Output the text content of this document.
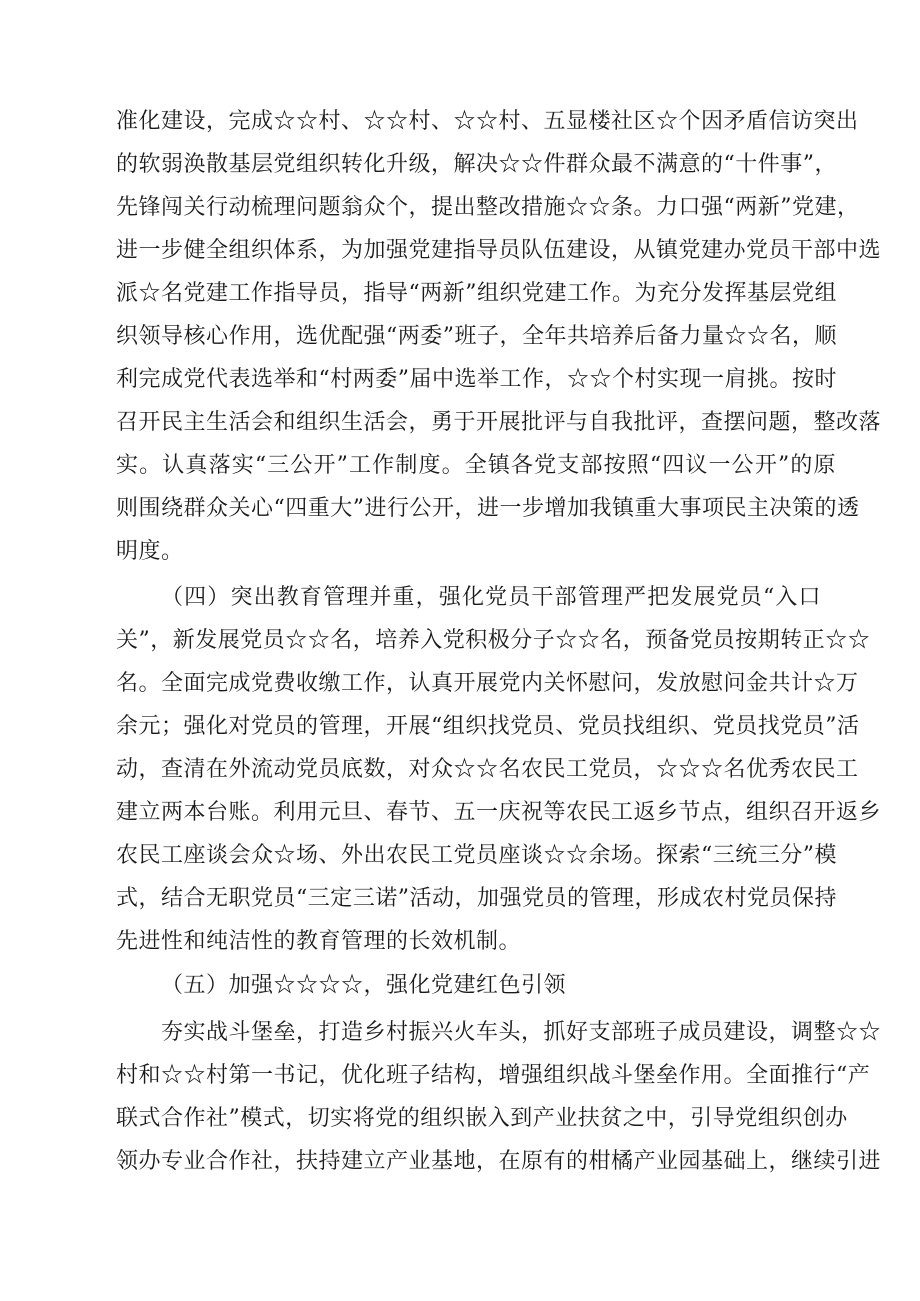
准化建设，完成☆☆村、☆☆村、☆☆村、五显楼社区☆个因矛盾信访突出
的软弱涣散基层党组织转化升级，解决☆☆件群众最不满意的“十件事”，
先锋闯关行动梳理问题翁众个，提出整改措施☆☆条。力口强“两新”党建，
进一步健全组织体系，为加强党建指导员队伍建设，从镇党建办党员干部中选
派☆名党建工作指导员，指导“两新”组织党建工作。为充分发挥基层党组
织领导核心作用，选优配强“两委”班子，全年共培养后备力量☆☆名，顺
利完成党代表选举和“村两委”届中选举工作，☆☆个村实现一肩挑。按时
召开民主生活会和组织生活会，勇于开展批评与自我批评，查摆问题，整改落
实。认真落实“三公开”工作制度。全镇各党支部按照“四议一公开”的原
则围绕群众关心“四重大”进行公开，进一步增加我镇重大事项民主决策的透
明度。
（四）突出教育管理并重，强化党员干部管理严把发展党员“入口
关”，新发展党员☆☆名，培养入党积极分子☆☆名，预备党员按期转正☆☆
名。全面完成党费收缴工作，认真开展党内关怀慰问，发放慰问金共计☆万
余元；强化对党员的管理，开展“组织找党员、党员找组织、党员找党员”活
动，查清在外流动党员底数，对众☆☆名农民工党员，☆☆☆名优秀农民工
建立两本台账。利用元旦、春节、五一庆祝等农民工返乡节点，组织召开返乡
农民工座谈会众☆场、外出农民工党员座谈☆☆余场。探索“三统三分”模
式，结合无职党员“三定三诺”活动，加强党员的管理，形成农村党员保持
先进性和纯洁性的教育管理的长效机制。
（五）加强☆☆☆☆，强化党建红色引领
夯实战斗堡垒，打造乡村振兴火车头，抓好支部班子成员建设，调整☆☆
村和☆☆村第一书记，优化班子结构，增强组织战斗堡垒作用。全面推行“产
联式合作社”模式，切实将党的组织嵌入到产业扶贫之中，引导党组织创办
领办专业合作社，扶持建立产业基地，在原有的柑橘产业园基础上，继续引进
